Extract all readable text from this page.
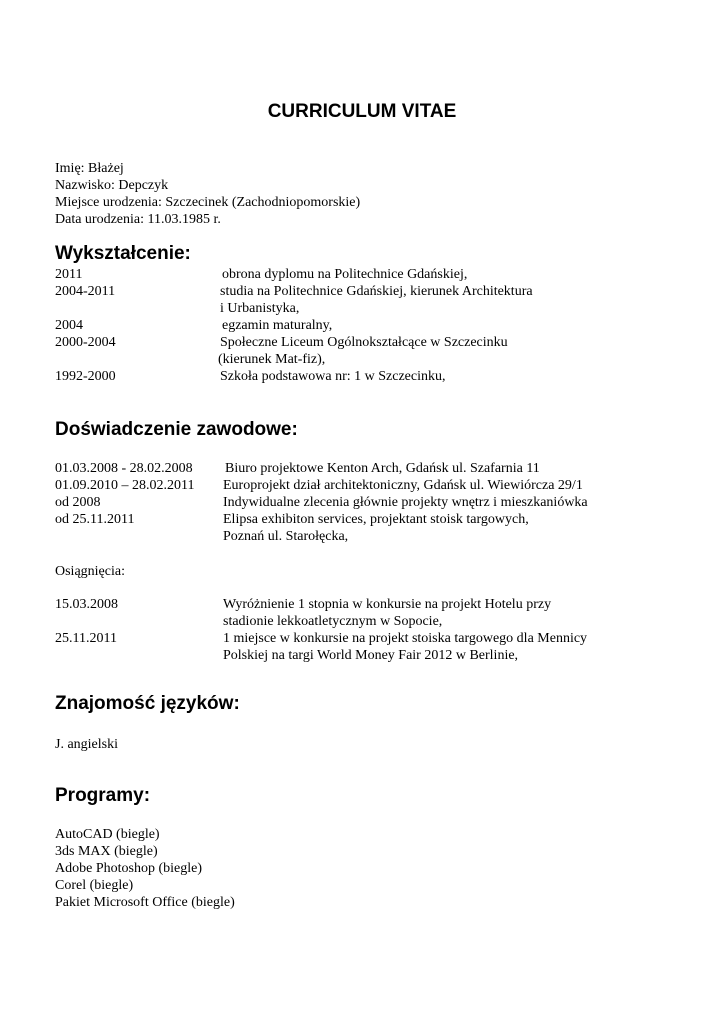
CURRICULUM VITAE
Imię: Błażej
Nazwisko: Depczyk
Miejsce urodzenia: Szczecinek (Zachodniopomorskie)
Data urodzenia: 11.03.1985 r.
Wykształcenie:
2011	obrona dyplomu na Politechnice Gdańskiej,
2004-2011	studia na Politechnice Gdańskiej, kierunek Architektura
i Urbanistyka,
2004	egzamin maturalny,
2000-2004	Społeczne Liceum Ogólnokształcące w Szczecinku
(kierunek Mat-fiz),
1992-2000	Szkoła podstawowa nr: 1 w Szczecinku,
Doświadczenie zawodowe:
01.03.2008 - 28.02.2008 Biuro projektowe Kenton Arch, Gdańsk ul. Szafarnia 11
01.09.2010 – 28.02.2011 Europrojekt dział architektoniczny, Gdańsk ul. Wiewiórcza 29/1
od 2008	Indywidualne zlecenia głównie projekty wnętrz i mieszkaniówka
od 25.11.2011	Elipsa exhibiton services, projektant stoisk targowych,
Poznań ul. Starołęcka,
Osiągnięcia:
15.03.2008	Wyróżnienie 1 stopnia w konkursie na projekt Hotelu przy
stadionie lekkoatletycznym w Sopocie,
25.11.2011	1 miejsce w konkursie na projekt stoiska targowego dla Mennicy
Polskiej na targi World Money Fair 2012 w Berlinie,
Znajomość języków:
J. angielski
Programy:
AutoCAD (biegle)
3ds MAX (biegle)
Adobe Photoshop (biegle)
Corel (biegle)
Pakiet Microsoft Office (biegle)
